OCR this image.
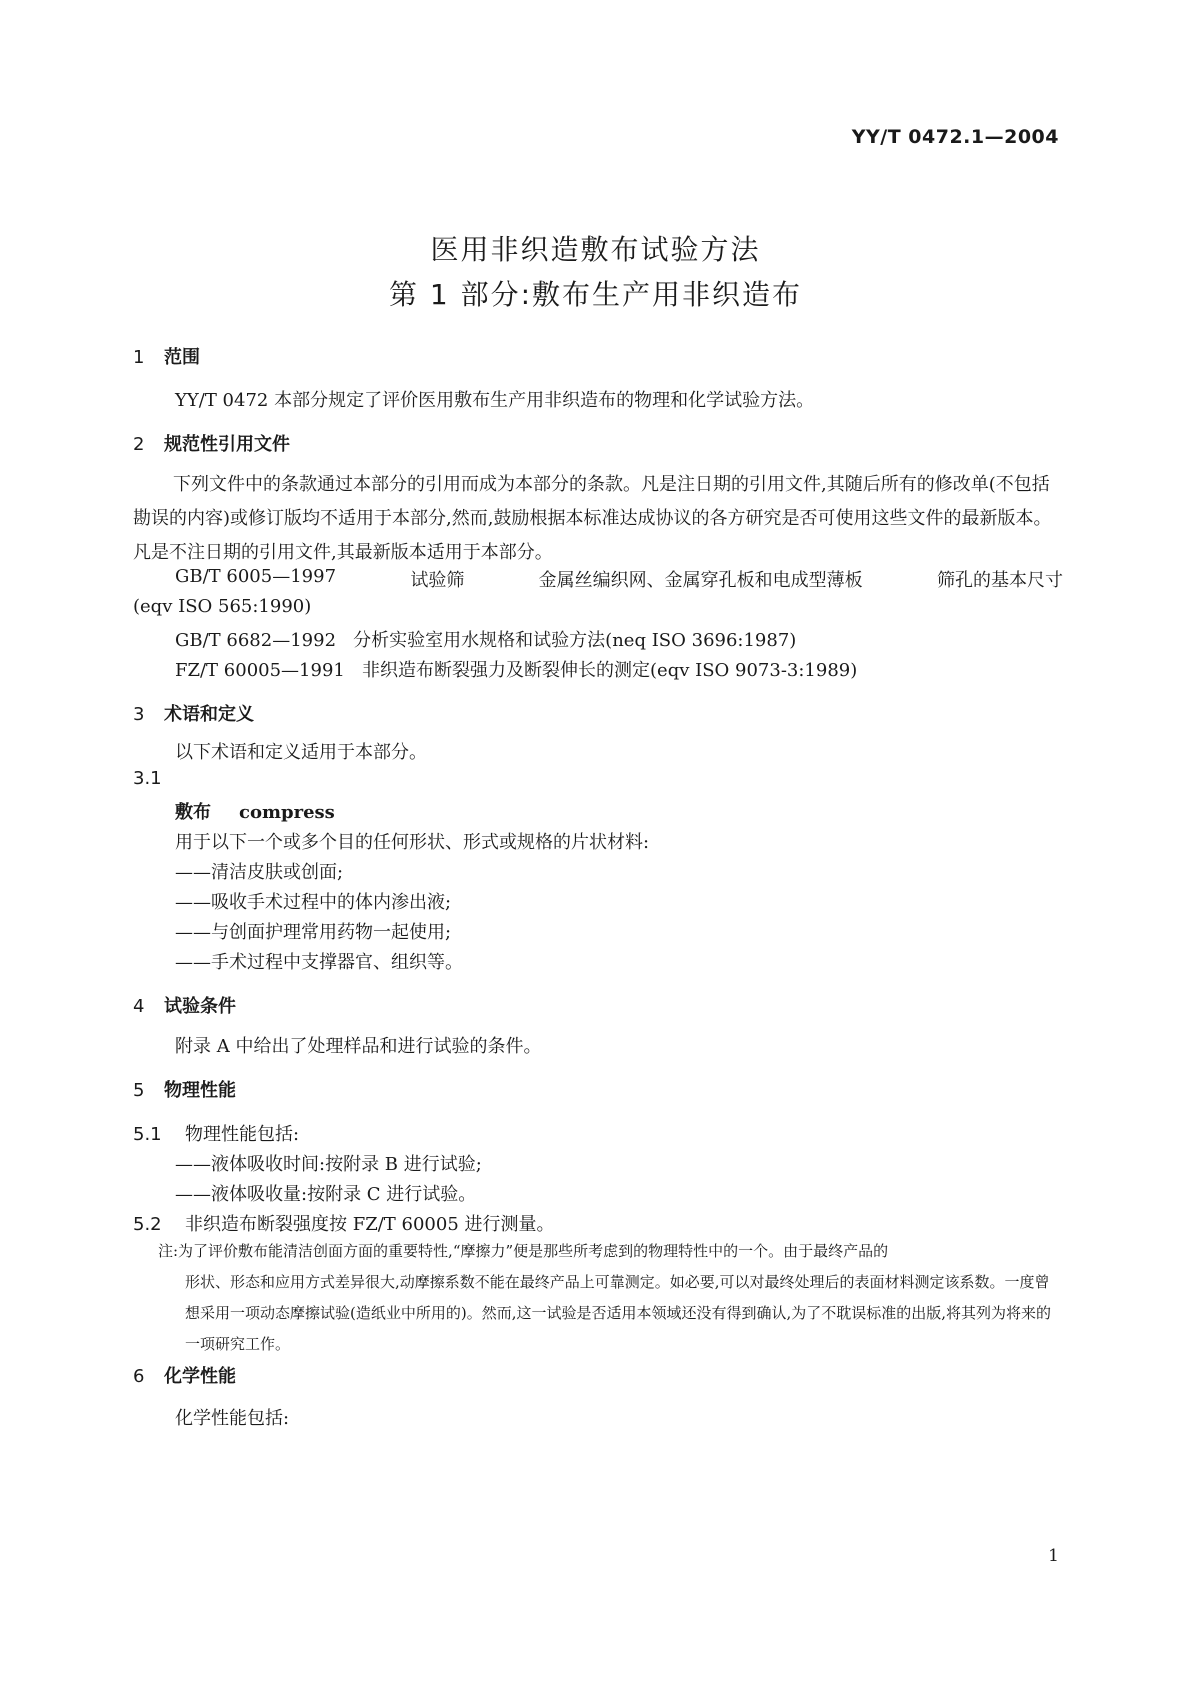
YY/T 0472.1—2004
医用非织造敷布试验方法
第 1 部分:敷布生产用非织造布
1 范围
YY/T 0472 本部分规定了评价医用敷布生产用非织造布的物理和化学试验方法。
2 规范性引用文件
下列文件中的条款通过本部分的引用而成为本部分的条款。凡是注日期的引用文件,其随后所有的修改单(不包括勘误的内容)或修订版均不适用于本部分,然而,鼓励根据本标准达成协议的各方研究是否可使用这些文件的最新版本。凡是不注日期的引用文件,其最新版本适用于本部分。
GB/T 6005—1997	试验筛	金属丝编织网、金属穿孔板和电成型薄板	筛孔的基本尺寸
(eqv ISO 565:1990)
GB/T 6682—1992   分析实验室用水规格和试验方法(neq ISO 3696:1987)
FZ/T 60005—1991   非织造布断裂强力及断裂伸长的测定(eqv ISO 9073-3:1989)
3 术语和定义
以下术语和定义适用于本部分。
3.1
敷布 compress
用于以下一个或多个目的任何形状、形式或规格的片状材料:
——清洁皮肤或创面;
——吸收手术过程中的体内渗出液;
——与创面护理常用药物一起使用;
——手术过程中支撑器官、组织等。
4 试验条件
附录 A 中给出了处理样品和进行试验的条件。
5 物理性能
5.1 物理性能包括:
——液体吸收时间:按附录 B 进行试验;
——液体吸收量:按附录 C 进行试验。
5.2 非织造布断裂强度按 FZ/T 60005 进行测量。
注:为了评价敷布能清洁创面方面的重要特性,“摩擦力”便是那些所考虑到的物理特性中的一个。由于最终产品的
形状、形态和应用方式差异很大,动摩擦系数不能在最终产品上可靠测定。如必要,可以对最终处理后的表面材料测定该系数。一度曾想采用一项动态摩擦试验(造纸业中所用的)。然而,这一试验是否适用本领域还没有得到确认,为了不耽误标准的出版,将其列为将来的一项研究工作。
6 化学性能
化学性能包括:
1
